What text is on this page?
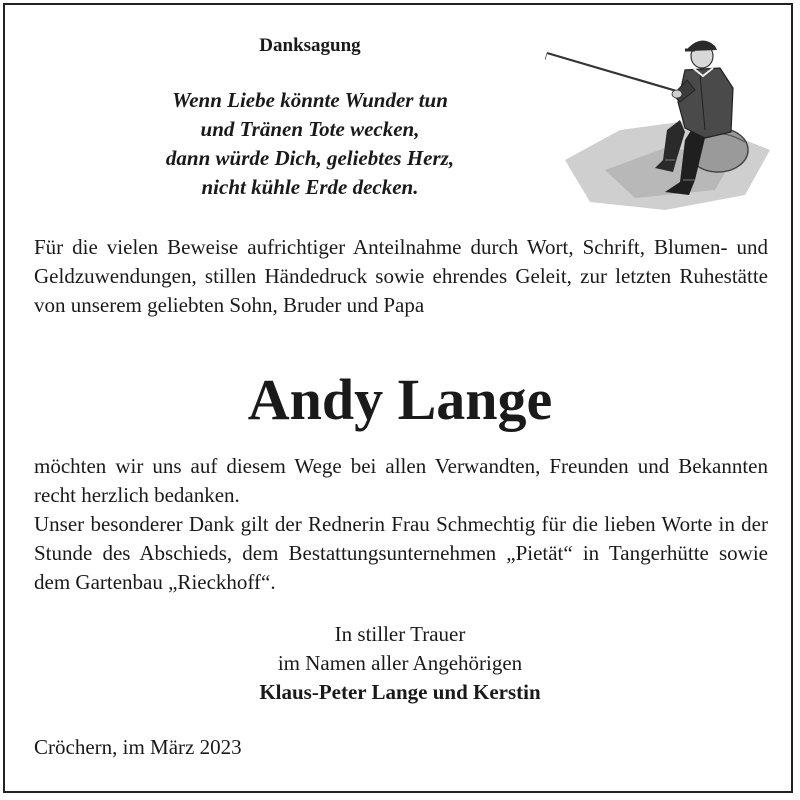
Danksagung
Wenn Liebe könnte Wunder tun
und Tränen Tote wecken,
dann würde Dich, geliebtes Herz,
nicht kühle Erde decken.
Für die vielen Beweise aufrichtiger Anteilnahme durch Wort, Schrift, Blumen- und Geldzuwendungen, stillen Händedruck sowie ehrendes Geleit, zur letzten Ruhestätte von unserem geliebten Sohn, Bruder und Papa
Andy Lange

möchten wir uns auf diesem Wege bei allen Verwandten, Freunden und Bekannten recht herzlich bedanken.

Unser besonderer Dank gilt der Rednerin Frau Schmechtig für die lieben Worte in der Stunde des Abschieds, dem Bestattungsunternehmen „Pietät“ in Tangerhütte sowie dem Gartenbau „Rieckhoff“.

In stiller Trauer
im Namen aller Angehörigen
Klaus-Peter Lange und Kerstin
Cröchern, im März 2023
